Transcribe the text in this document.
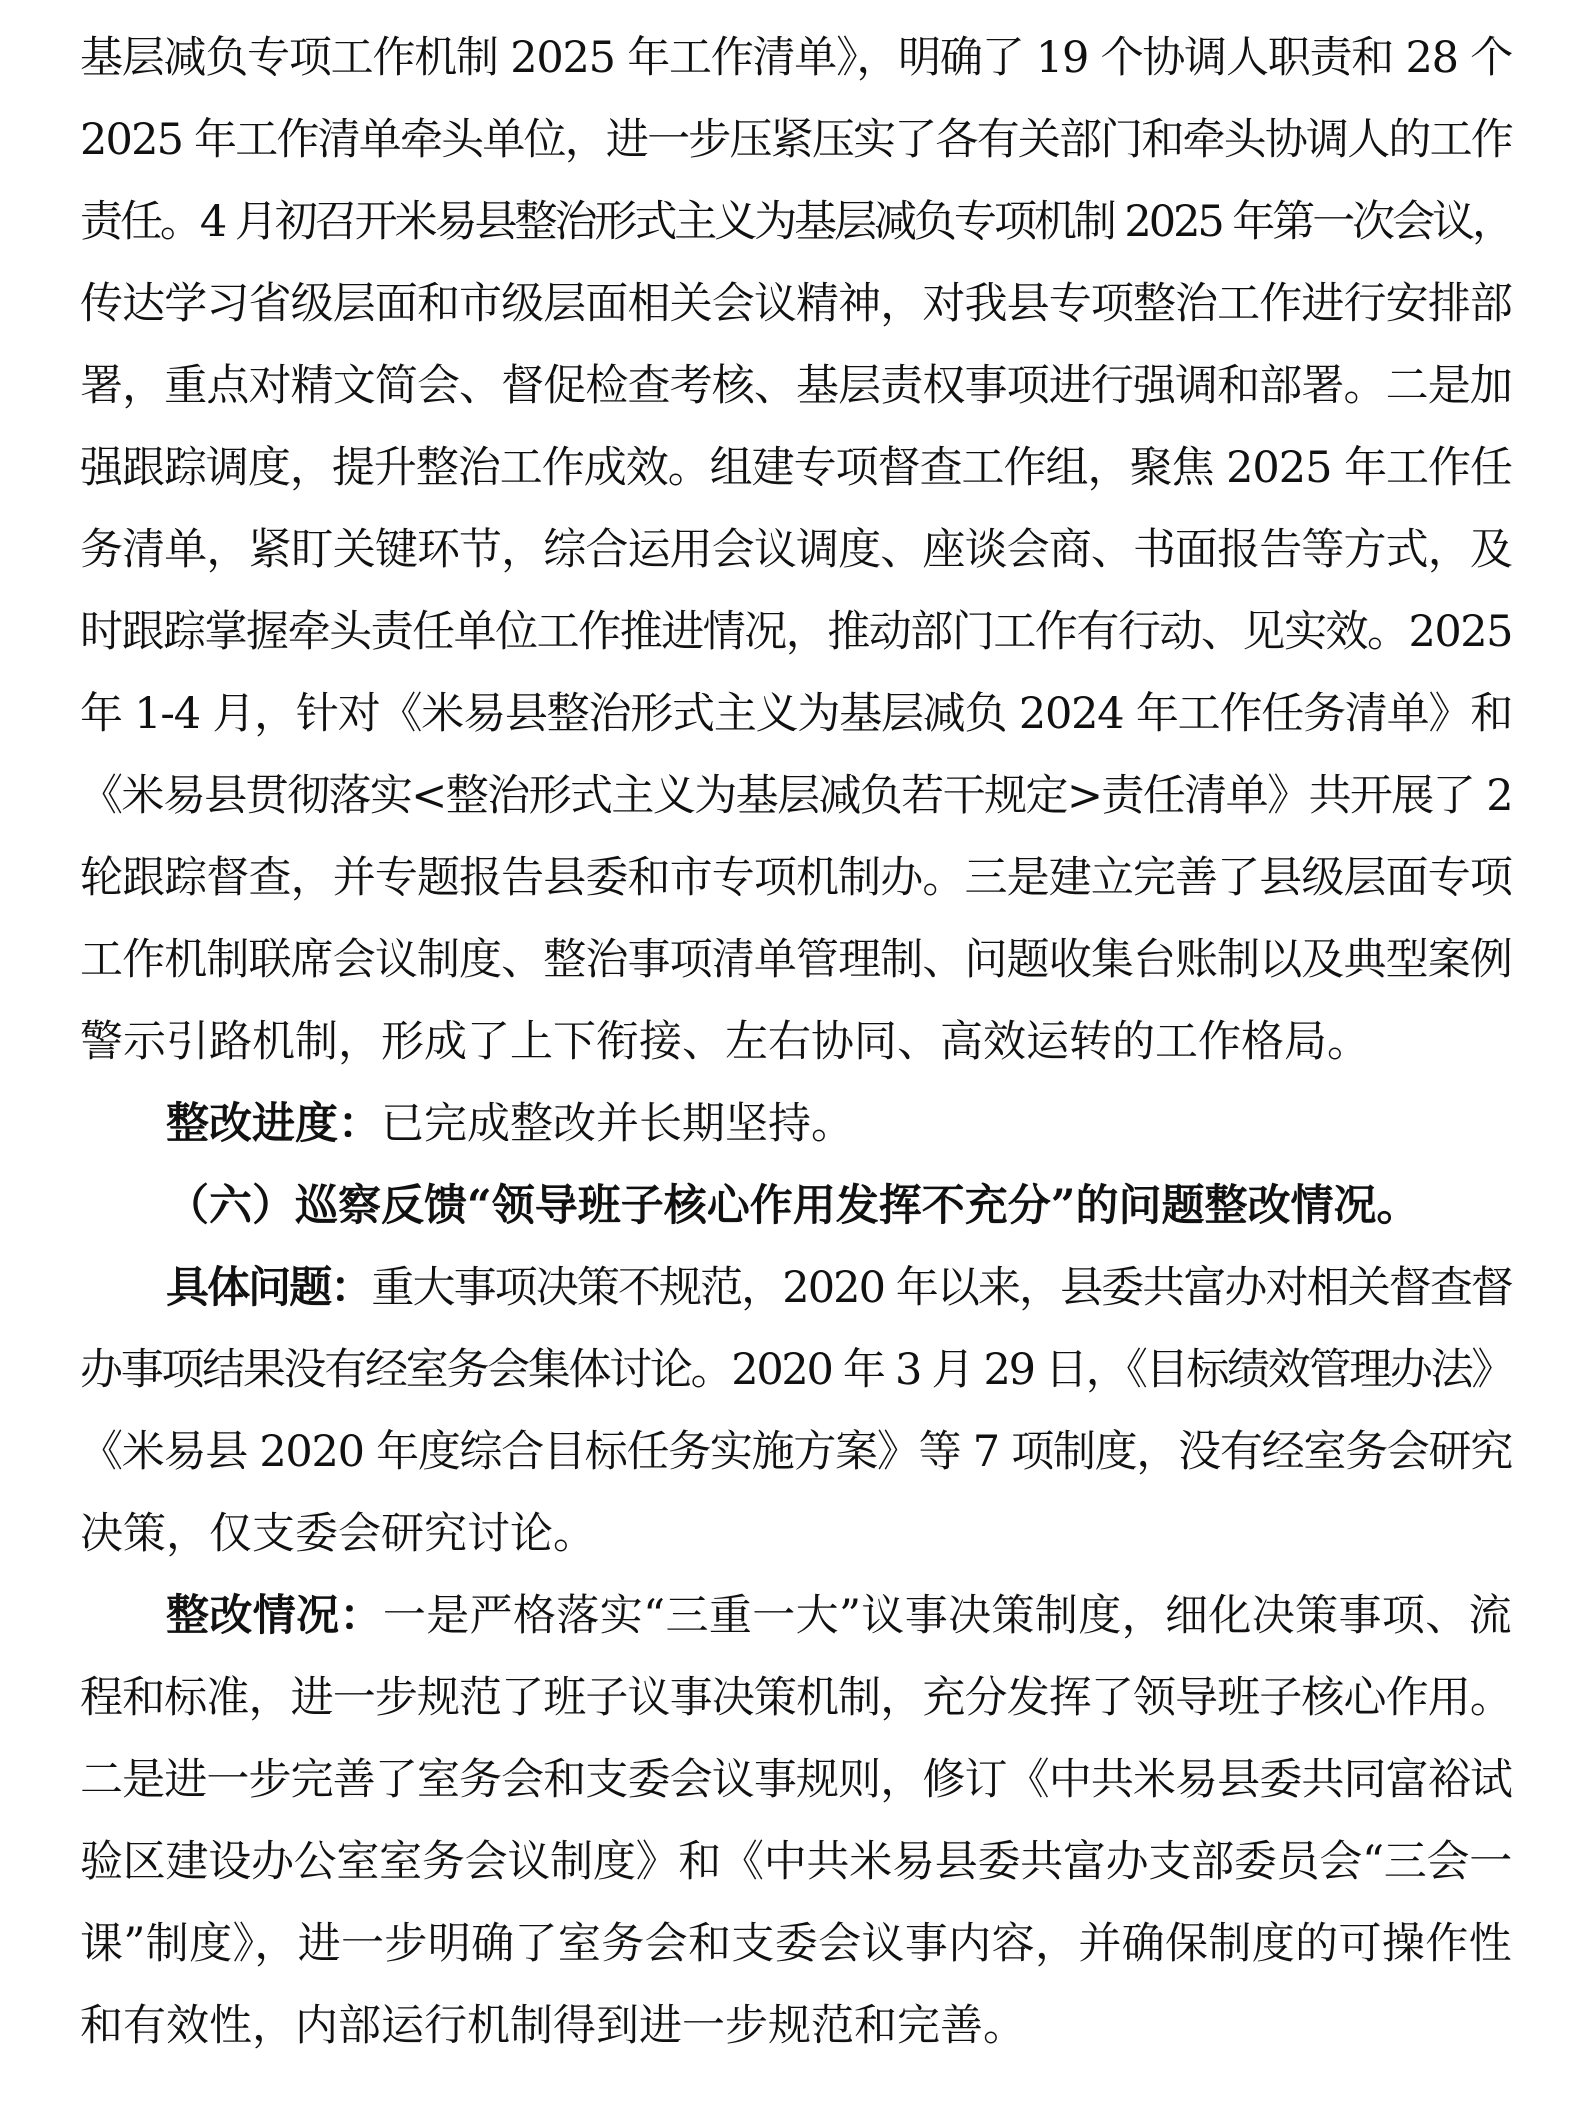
基层减负专项工作机制 2025 年工作清单》，明确了 19 个协调人职责和 28 个
2025 年工作清单牵头单位，进一步压紧压实了各有关部门和牵头协调人的工作
责任。4 月初召开米易县整治形式主义为基层减负专项机制 2025 年第一次会议，
传达学习省级层面和市级层面相关会议精神，对我县专项整治工作进行安排部
署，重点对精文简会、督促检查考核、基层责权事项进行强调和部署。二是加
强跟踪调度，提升整治工作成效。组建专项督查工作组，聚焦 2025 年工作任
务清单，紧盯关键环节，综合运用会议调度、座谈会商、书面报告等方式，及
时跟踪掌握牵头责任单位工作推进情况，推动部门工作有行动、见实效。2025
年 1-4 月，针对《米易县整治形式主义为基层减负 2024 年工作任务清单》和
《米易县贯彻落实<整治形式主义为基层减负若干规定>责任清单》共开展了 2
轮跟踪督查，并专题报告县委和市专项机制办。三是建立完善了县级层面专项
工作机制联席会议制度、整治事项清单管理制、问题收集台账制以及典型案例
警示引路机制，形成了上下衔接、左右协同、高效运转的工作格局。
整改进度：已完成整改并长期坚持。
（六）巡察反馈“领导班子核心作用发挥不充分”的问题整改情况。
具体问题：重大事项决策不规范，2020 年以来，县委共富办对相关督查督
办事项结果没有经室务会集体讨论。2020 年 3 月 29 日，《目标绩效管理办法》
《米易县 2020 年度综合目标任务实施方案》等 7 项制度，没有经室务会研究
决策，仅支委会研究讨论。
整改情况：一是严格落实“三重一大”议事决策制度，细化决策事项、流
程和标准，进一步规范了班子议事决策机制，充分发挥了领导班子核心作用。
二是进一步完善了室务会和支委会议事规则，修订《中共米易县委共同富裕试
验区建设办公室室务会议制度》和《中共米易县委共富办支部委员会“三会一
课”制度》，进一步明确了室务会和支委会议事内容，并确保制度的可操作性
和有效性，内部运行机制得到进一步规范和完善。
